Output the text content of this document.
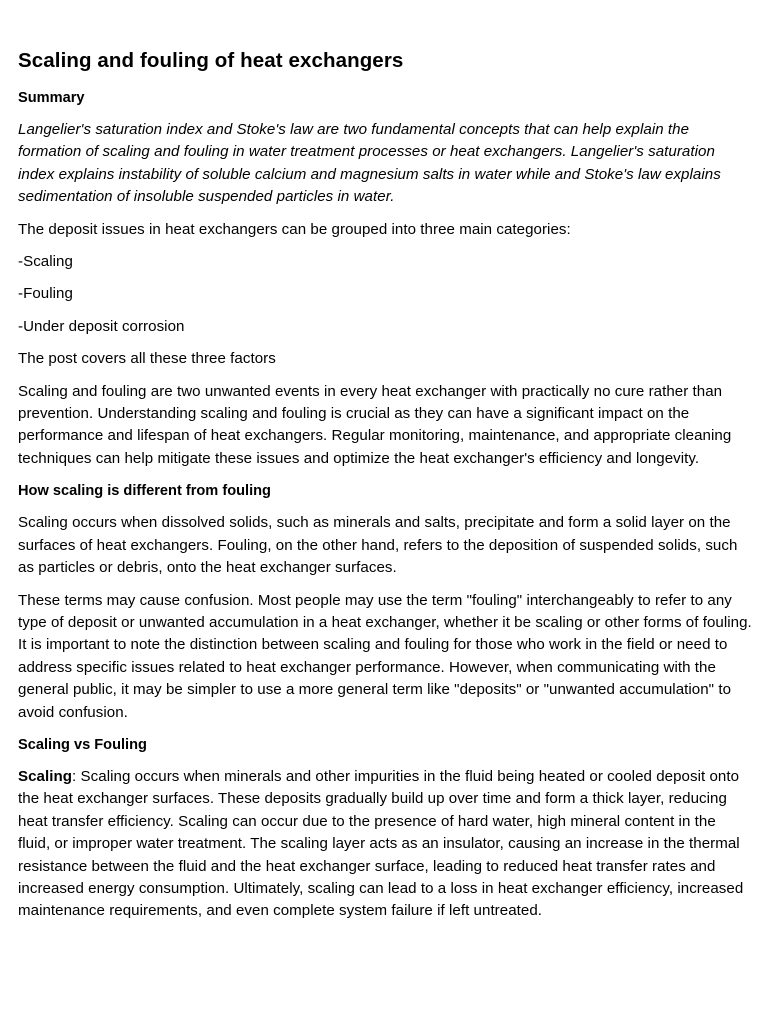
Scaling and fouling of heat exchangers
Summary

Langelier's saturation index and Stoke's law are two fundamental concepts that can help explain the formation of scaling and fouling in water treatment processes or heat exchangers. Langelier's saturation index explains instability of soluble calcium and magnesium salts in water while and Stoke's law explains sedimentation of insoluble suspended particles in water.

The deposit issues in heat exchangers can be grouped into three main categories:

-Scaling

-Fouling

-Under deposit corrosion

The post covers all these three factors

Scaling and fouling are two unwanted events in every heat exchanger with practically no cure rather than prevention. Understanding scaling and fouling is crucial as they can have a significant impact on the performance and lifespan of heat exchangers. Regular monitoring, maintenance, and appropriate cleaning techniques can help mitigate these issues and optimize the heat exchanger's efficiency and longevity.

How scaling is different from fouling

Scaling occurs when dissolved solids, such as minerals and salts, precipitate and form a solid layer on the surfaces of heat exchangers. Fouling, on the other hand, refers to the deposition of suspended solids, such as particles or debris, onto the heat exchanger surfaces.

These terms may cause confusion. Most people may use the term "fouling" interchangeably to refer to any type of deposit or unwanted accumulation in a heat exchanger, whether it be scaling or other forms of fouling. It is important to note the distinction between scaling and fouling for those who work in the field or need to address specific issues related to heat exchanger performance. However, when communicating with the general public, it may be simpler to use a more general term like "deposits" or "unwanted accumulation" to avoid confusion.

Scaling vs Fouling

Scaling: Scaling occurs when minerals and other impurities in the fluid being heated or cooled deposit onto the heat exchanger surfaces. These deposits gradually build up over time and form a thick layer, reducing heat transfer efficiency. Scaling can occur due to the presence of hard water, high mineral content in the fluid, or improper water treatment. The scaling layer acts as an insulator, causing an increase in the thermal resistance between the fluid and the heat exchanger surface, leading to reduced heat transfer rates and increased energy consumption. Ultimately, scaling can lead to a loss in heat exchanger efficiency, increased maintenance requirements, and even complete system failure if left untreated.
